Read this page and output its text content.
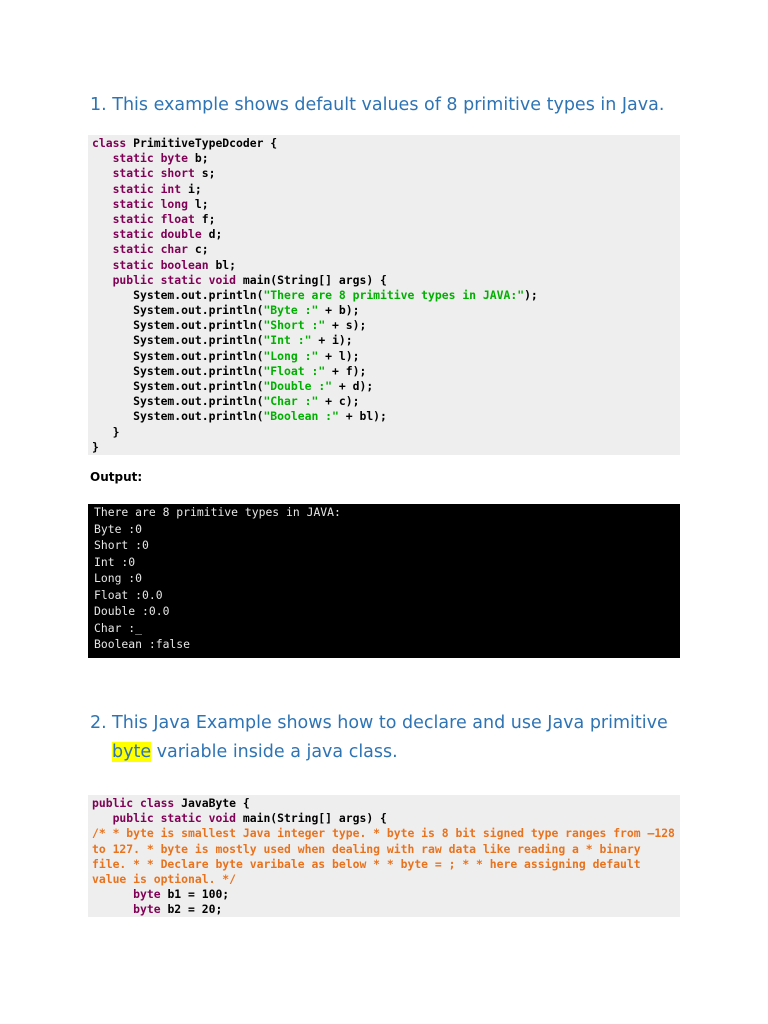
1. This example shows default values of 8 primitive types in Java.
class PrimitiveTypeDcoder {
static byte b;
static short s;
static int i;
static long l;
static float f;
static double d;
static char c;
static boolean bl;
public static void main(String[] args) {
System.out.println("There are 8 primitive types in JAVA:");
System.out.println("Byte :" + b);
System.out.println("Short :" + s);
System.out.println("Int :" + i);
System.out.println("Long :" + l);
System.out.println("Float :" + f);
System.out.println("Double :" + d);
System.out.println("Char :" + c);
System.out.println("Boolean :" + bl);
}
}
Output:
There are 8 primitive types in JAVA:
Byte :0
Short :0
Int :0
Long :0
Float :0.0
Double :0.0
Char :_
Boolean :false
2. This Java Example shows how to declare and use Java primitive byte variable inside a java class.
public class JavaByte {
public static void main(String[] args) {
/* * byte is smallest Java integer type. * byte is 8 bit signed type ranges from –128 to 127. * byte is mostly used when dealing with raw data like reading a * binary file. * * Declare byte varibale as below * * byte = ; * * here assigning default value is optional. */
byte b1 = 100;
byte b2 = 20;
